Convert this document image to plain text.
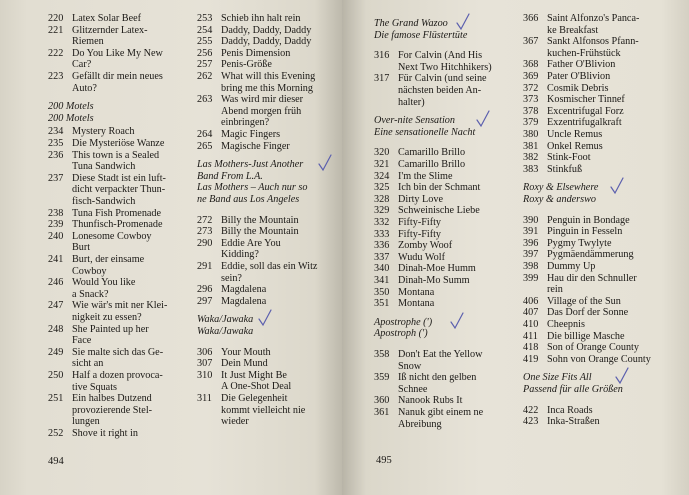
220 Latex Solar Beef
221 Glitzernder Latex-
Riemen
222 Do You Like My New
Car?
223 Gefällt dir mein neues
Auto?
200 Motels
200 Motels
234 Mystery Roach
235 Die Mysteriöse Wanze
236 This town is a Sealed
Tuna Sandwich
237 Diese Stadt ist ein luft-
dicht verpackter Thun-
fisch-Sandwich
238 Tuna Fish Promenade
239 Thunfisch-Promenade
240 Lonesome Cowboy
Burt
241 Burt, der einsame
Cowboy
246 Would You like
a Snack?
247 Wie wär's mit ner Klei-
nigkeit zu essen?
248 She Painted up her
Face
249 Sie malte sich das Ge-
sicht an
250 Half a dozen provoca-
tive Squats
251 Ein halbes Dutzend
provozierende Stel-
lungen
252 Shove it right in
253 Schieb ihn halt rein
254 Daddy, Daddy, Daddy
255 Daddy, Daddy, Daddy
256 Penis Dimension
257 Penis-Größe
262 What will this Evening
bring me this Morning
263 Was wird mir dieser
Abend morgen früh
einbringen?
264 Magic Fingers
265 Magische Finger
Las Mothers-Just Another
Band From L.A.
Las Mothers – Auch nur so
ne Band aus Los Angeles
272 Billy the Mountain
273 Billy the Mountain
290 Eddie Are You
Kidding?
291 Eddie, soll das ein Witz
sein?
296 Magdalena
297 Magdalena
Waka/Jawaka
Waka/Jawaka
306 Your Mouth
307 Dein Mund
310 It Just Might Be
A One-Shot Deal
311 Die Gelegenheit
kommt vielleicht nie
wieder
494
The Grand Wazoo
Die famose Flüstertüte
316 For Calvin (And His
Next Two Hitchhikers)
317 Für Calvin (und seine
nächsten beiden An-
halter)
Over-nite Sensation
Eine sensationelle Nacht
320 Camarillo Brillo
321 Camarillo Brillo
324 I'm the Slime
325 Ich bin der Schmant
328 Dirty Love
329 Schweinische Liebe
332 Fifty-Fifty
333 Fifty-Fifty
336 Zomby Woof
337 Wudu Wolf
340 Dinah-Moe Humm
341 Dinah-Mo Summ
350 Montana
351 Montana
Apostrophe (')
Apostroph (')
358 Don't Eat the Yellow
Snow
359 Iß nicht den gelben
Schnee
360 Nanook Rubs It
361 Nanuk gibt einem ne
Abreibung
366 Saint Alfonzo's Panca-
ke Breakfast
367 Sankt Alfonsos Pfann-
kuchen-Frühstück
368 Father O'Blivion
369 Pater O'Blivion
372 Cosmik Debris
373 Kosmischer Tinnef
378 Excentrifugal Forz
379 Exzentrifugalkraft
380 Uncle Remus
381 Onkel Remus
382 Stink-Foot
383 Stinkfuß
Roxy & Elsewhere
Roxy & anderswo
390 Penguin in Bondage
391 Pinguin in Fesseln
396 Pygmy Twylyte
397 Pygmäendämmerung
398 Dummy Up
399 Hau dir den Schnuller
rein
406 Village of the Sun
407 Das Dorf der Sonne
410 Cheepnis
411 Die billige Masche
418 Son of Orange County
419 Sohn von Orange County
One Size Fits All
Passend für alle Größen
422 Inca Roads
423 Inka-Straßen
495
